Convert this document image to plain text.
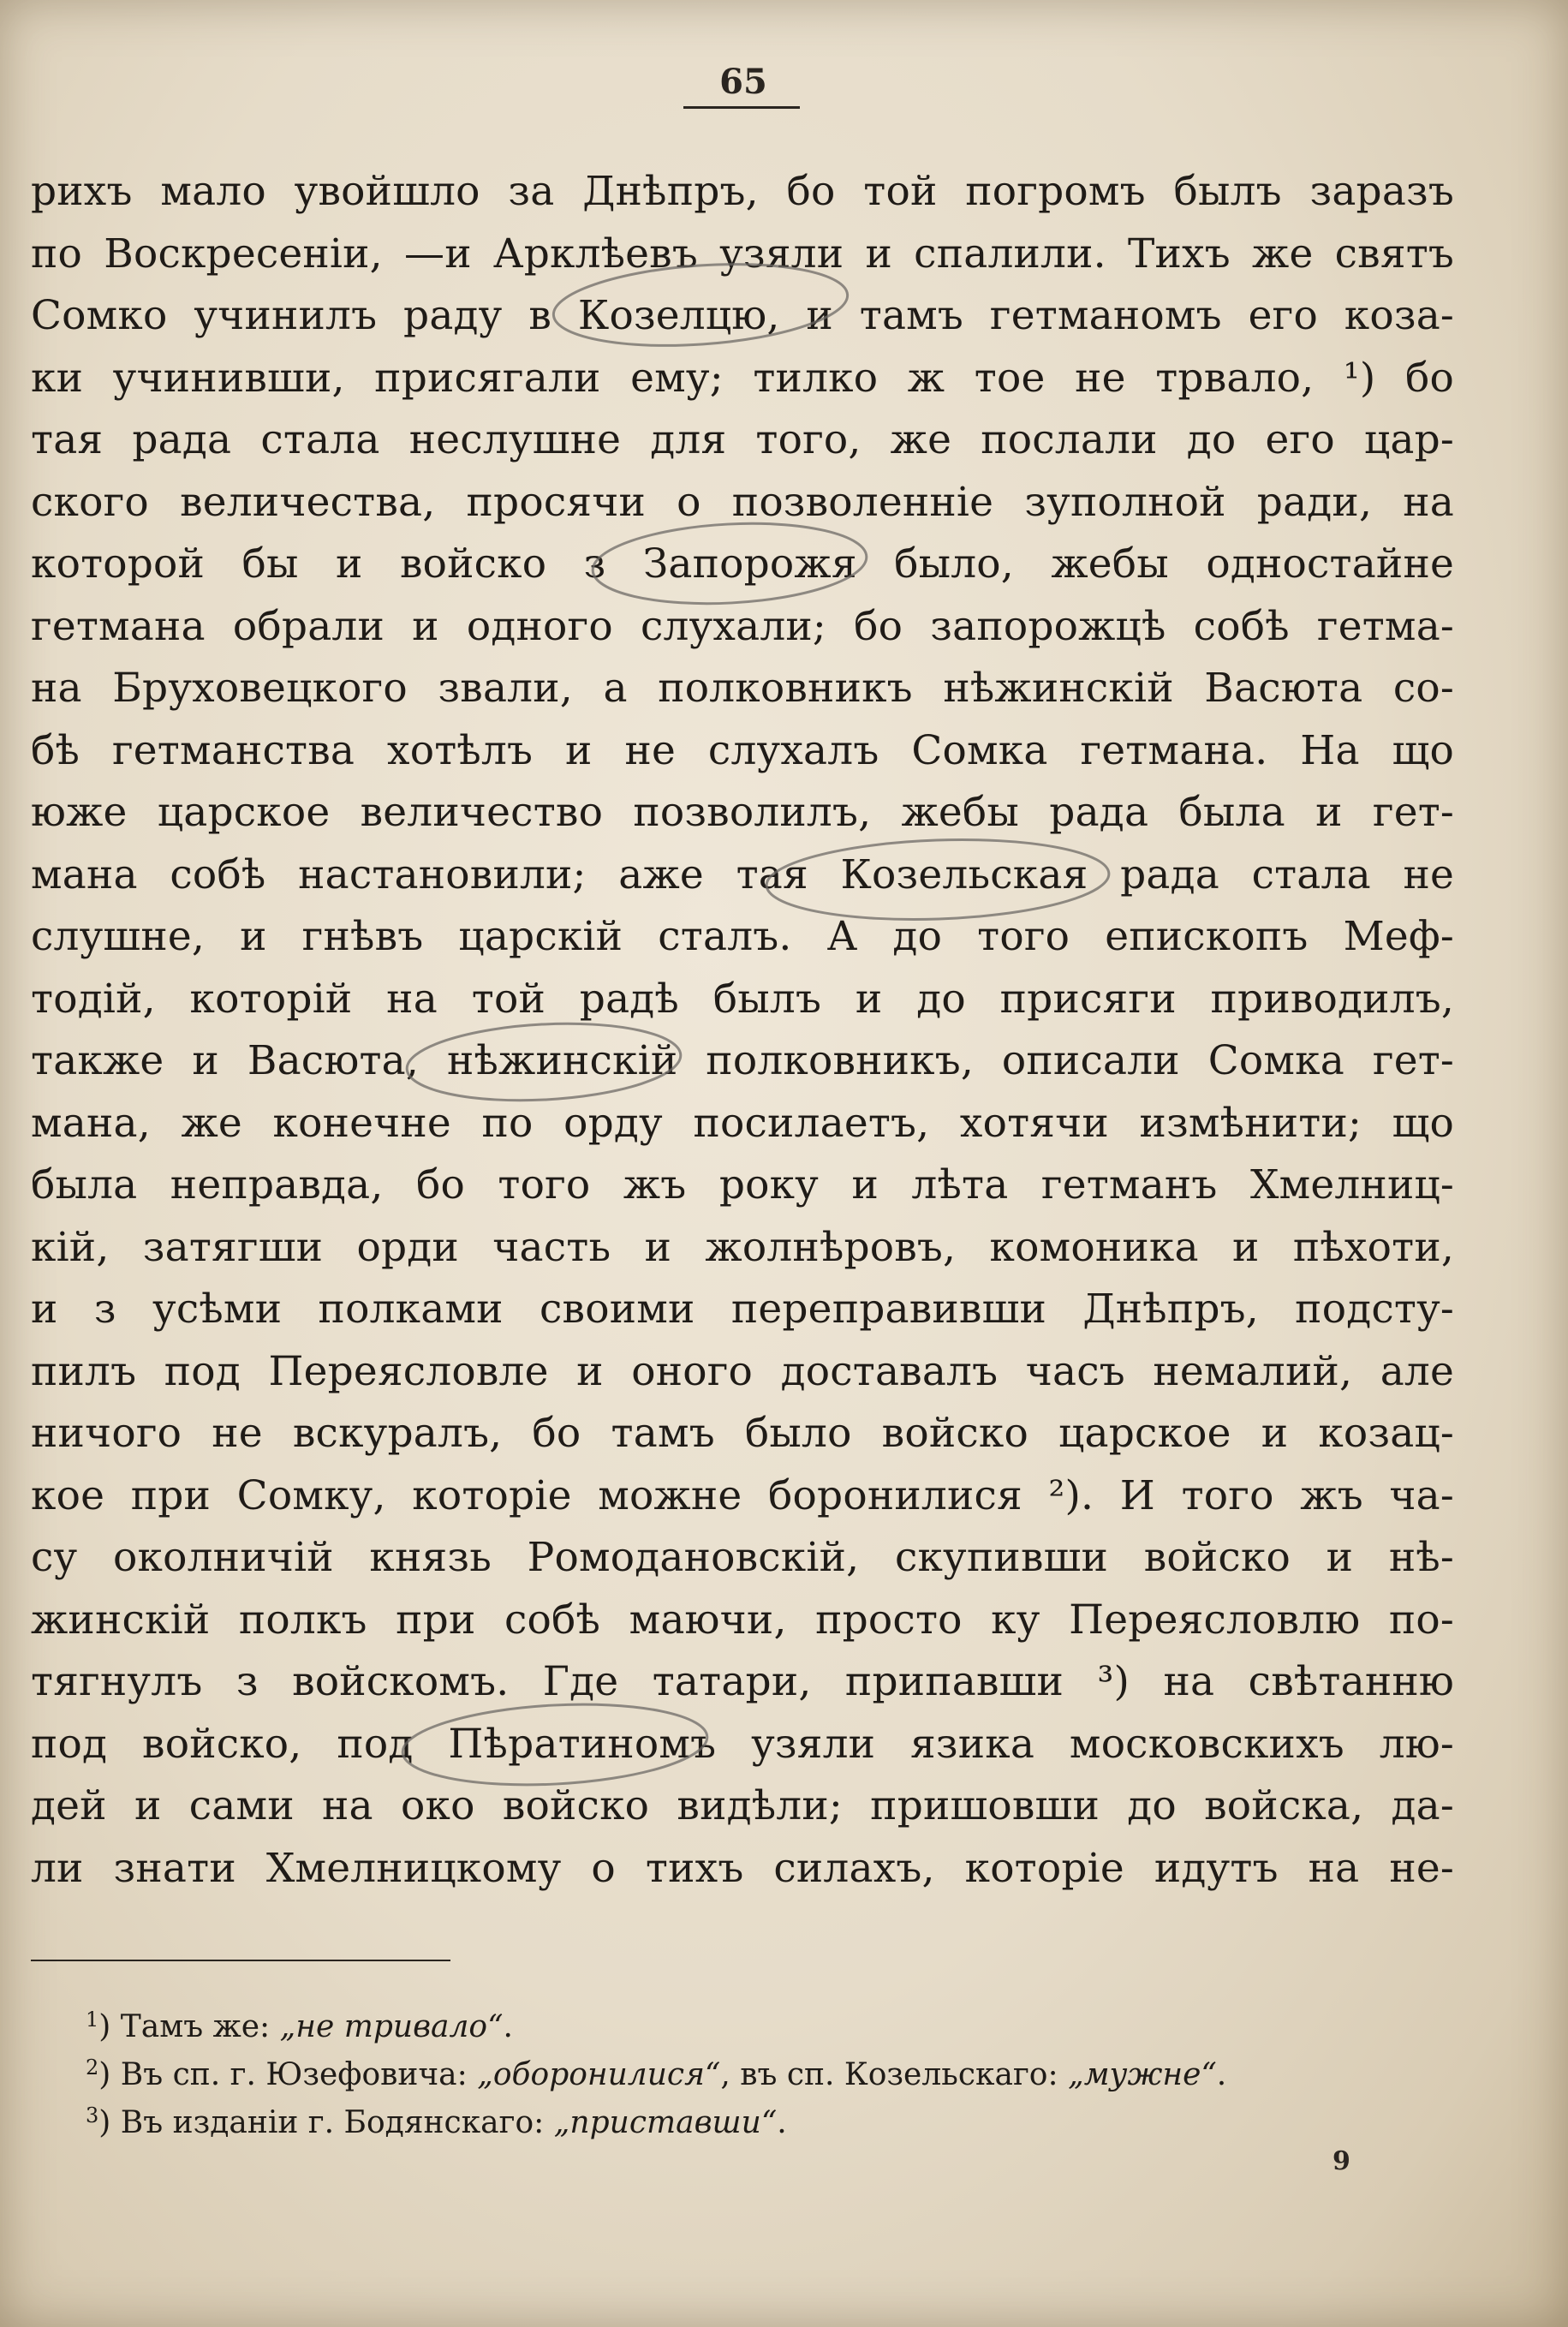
65
рихъ мало увойшло за Днѣпръ, бо той погромъ былъ заразъ
по Воскресеніи, —и Арклѣевъ узяли и спалили. Тихъ же святъ
Сомко учинилъ раду в Козелцю, и тамъ гетманомъ его коза-
ки учинивши, присягали ему; тилко ж тое не трвало, ¹) бо
тая рада стала неслушне для того, же послали до его цар-
ского величества, просячи о позволенніе зуполной ради, на
которой бы и войско з Запорожя было, жебы одностайне
гетмана обрали и одного слухали; бо запорожцѣ собѣ гетма-
на Бруховецкого звали, а полковникъ нѣжинскій Васюта со-
бѣ гетманства хотѣлъ и не слухалъ Сомка гетмана. На що
юже царское величество позволилъ, жебы рада была и гет-
мана собѣ настановили; аже тая Козельская рада стала не
слушне, и гнѣвъ царскій сталъ. А до того епископъ Меф-
тодій, которій на той радѣ былъ и до присяги приводилъ,
также и Васюта, нѣжинскій полковникъ, описали Сомка гет-
мана, же конечне по орду посилаетъ, хотячи измѣнити; що
была неправда, бо того жъ року и лѣта гетманъ Хмелниц-
кій, затягши орди часть и жолнѣровъ, комоника и пѣхоти,
и з усѣми полками своими переправивши Днѣпръ, подсту-
пилъ под Переясловле и оного доставалъ часъ немалий, але
ничого не вскуралъ, бо тамъ было войско царское и козац-
кое при Сомку, которіе можне боронилися ²). И того жъ ча-
су околничій князь Ромодановскій, скупивши войско и нѣ-
жинскій полкъ при собѣ маючи, просто ку Переясловлю по-
тягнулъ з войскомъ. Где татари, припавши ³) на свѣтанню
под войско, под Пѣратиномъ узяли язика московскихъ лю-
дей и сами на око войско видѣли; пришовши до войска, да-
ли знати Хмелницкому о тихъ силахъ, которіе идутъ на не-
$^1$) Тамъ же: „не тривало“.
$^2$) Въ сп. г. Юзефовича: „оборонилися“, въ сп. Козельскаго: „мужне“.
$^3$) Въ изданіи г. Бодянскаго: „приставши“.
9
